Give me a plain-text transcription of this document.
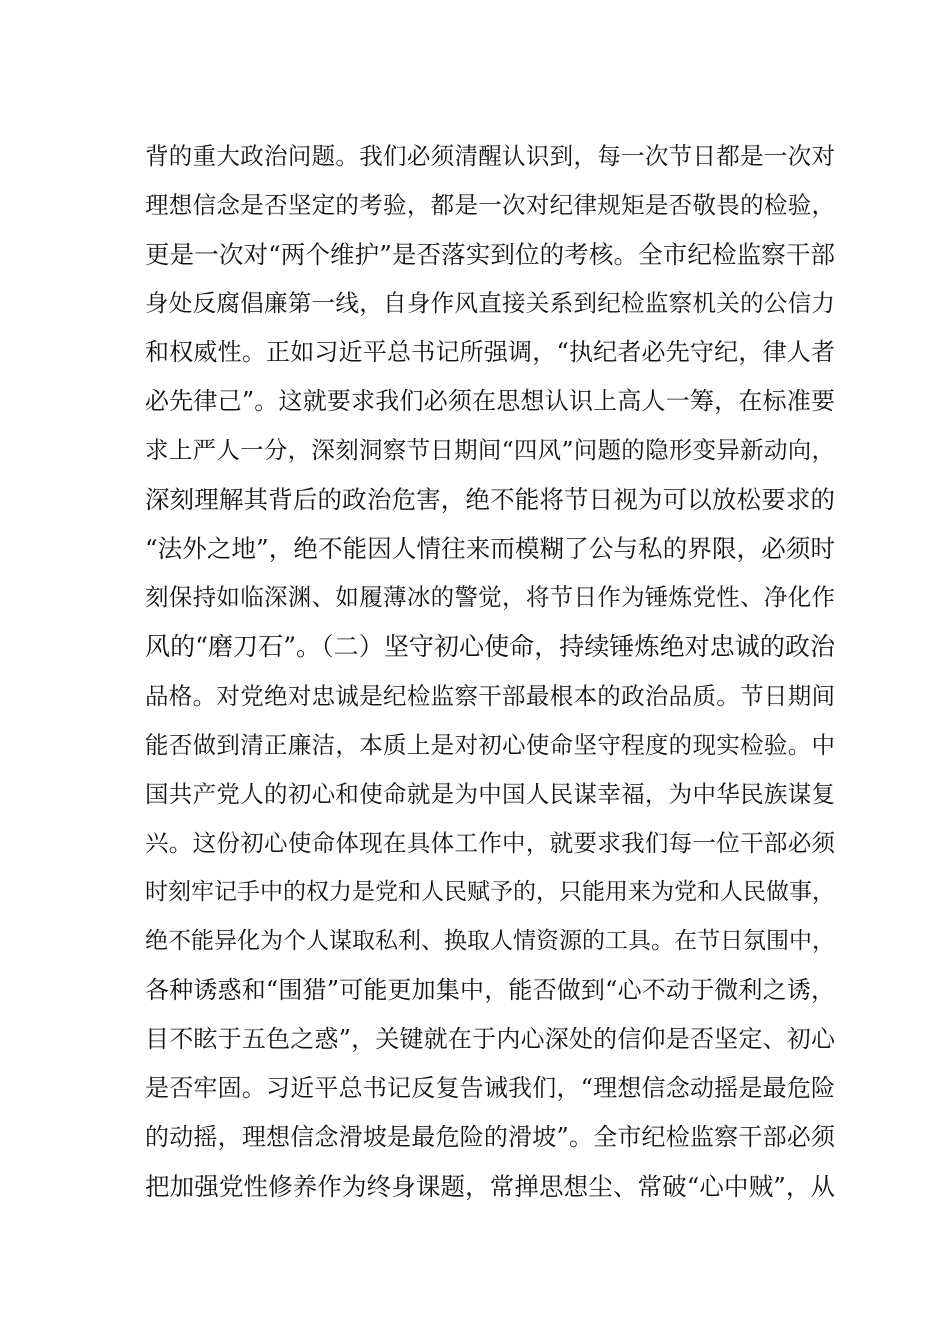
背的重大政治问题。我们必须清醒认识到，每一次节日都是一次对
理想信念是否坚定的考验，都是一次对纪律规矩是否敬畏的检验，
更是一次对“两个维护”是否落实到位的考核。全市纪检监察干部
身处反腐倡廉第一线，自身作风直接关系到纪检监察机关的公信力
和权威性。正如习近平总书记所强调，“执纪者必先守纪，律人者
必先律己”。这就要求我们必须在思想认识上高人一筹，在标准要
求上严人一分，深刻洞察节日期间“四风”问题的隐形变异新动向，
深刻理解其背后的政治危害，绝不能将节日视为可以放松要求的
“法外之地”，绝不能因人情往来而模糊了公与私的界限，必须时
刻保持如临深渊、如履薄冰的警觉，将节日作为锤炼党性、净化作
风的“磨刀石”。（二）坚守初心使命，持续锤炼绝对忠诚的政治
品格。对党绝对忠诚是纪检监察干部最根本的政治品质。节日期间
能否做到清正廉洁，本质上是对初心使命坚守程度的现实检验。中
国共产党人的初心和使命就是为中国人民谋幸福，为中华民族谋复
兴。这份初心使命体现在具体工作中，就要求我们每一位干部必须
时刻牢记手中的权力是党和人民赋予的，只能用来为党和人民做事，
绝不能异化为个人谋取私利、换取人情资源的工具。在节日氛围中，
各种诱惑和“围猎”可能更加集中，能否做到“心不动于微利之诱，
目不眩于五色之惑”，关键就在于内心深处的信仰是否坚定、初心
是否牢固。习近平总书记反复告诫我们，“理想信念动摇是最危险
的动摇，理想信念滑坡是最危险的滑坡”。全市纪检监察干部必须
把加强党性修养作为终身课题，常掸思想尘、常破“心中贼”，从
